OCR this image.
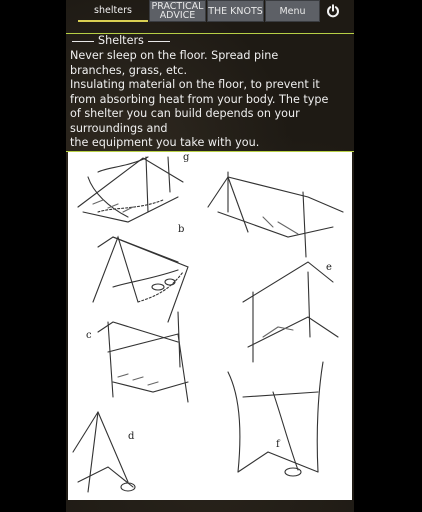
shelters PRACTICAL
ADVICE	THE KNOTS Menu
Shelters

Never sleep on the floor. Spread pine
branches, grass, etc.
Insulating material on the floor, to prevent it
from absorbing heat from your body. The type
of shelter you can build depends on your
surroundings and
the equipment you take with you.

b
c
d
e
f
g
